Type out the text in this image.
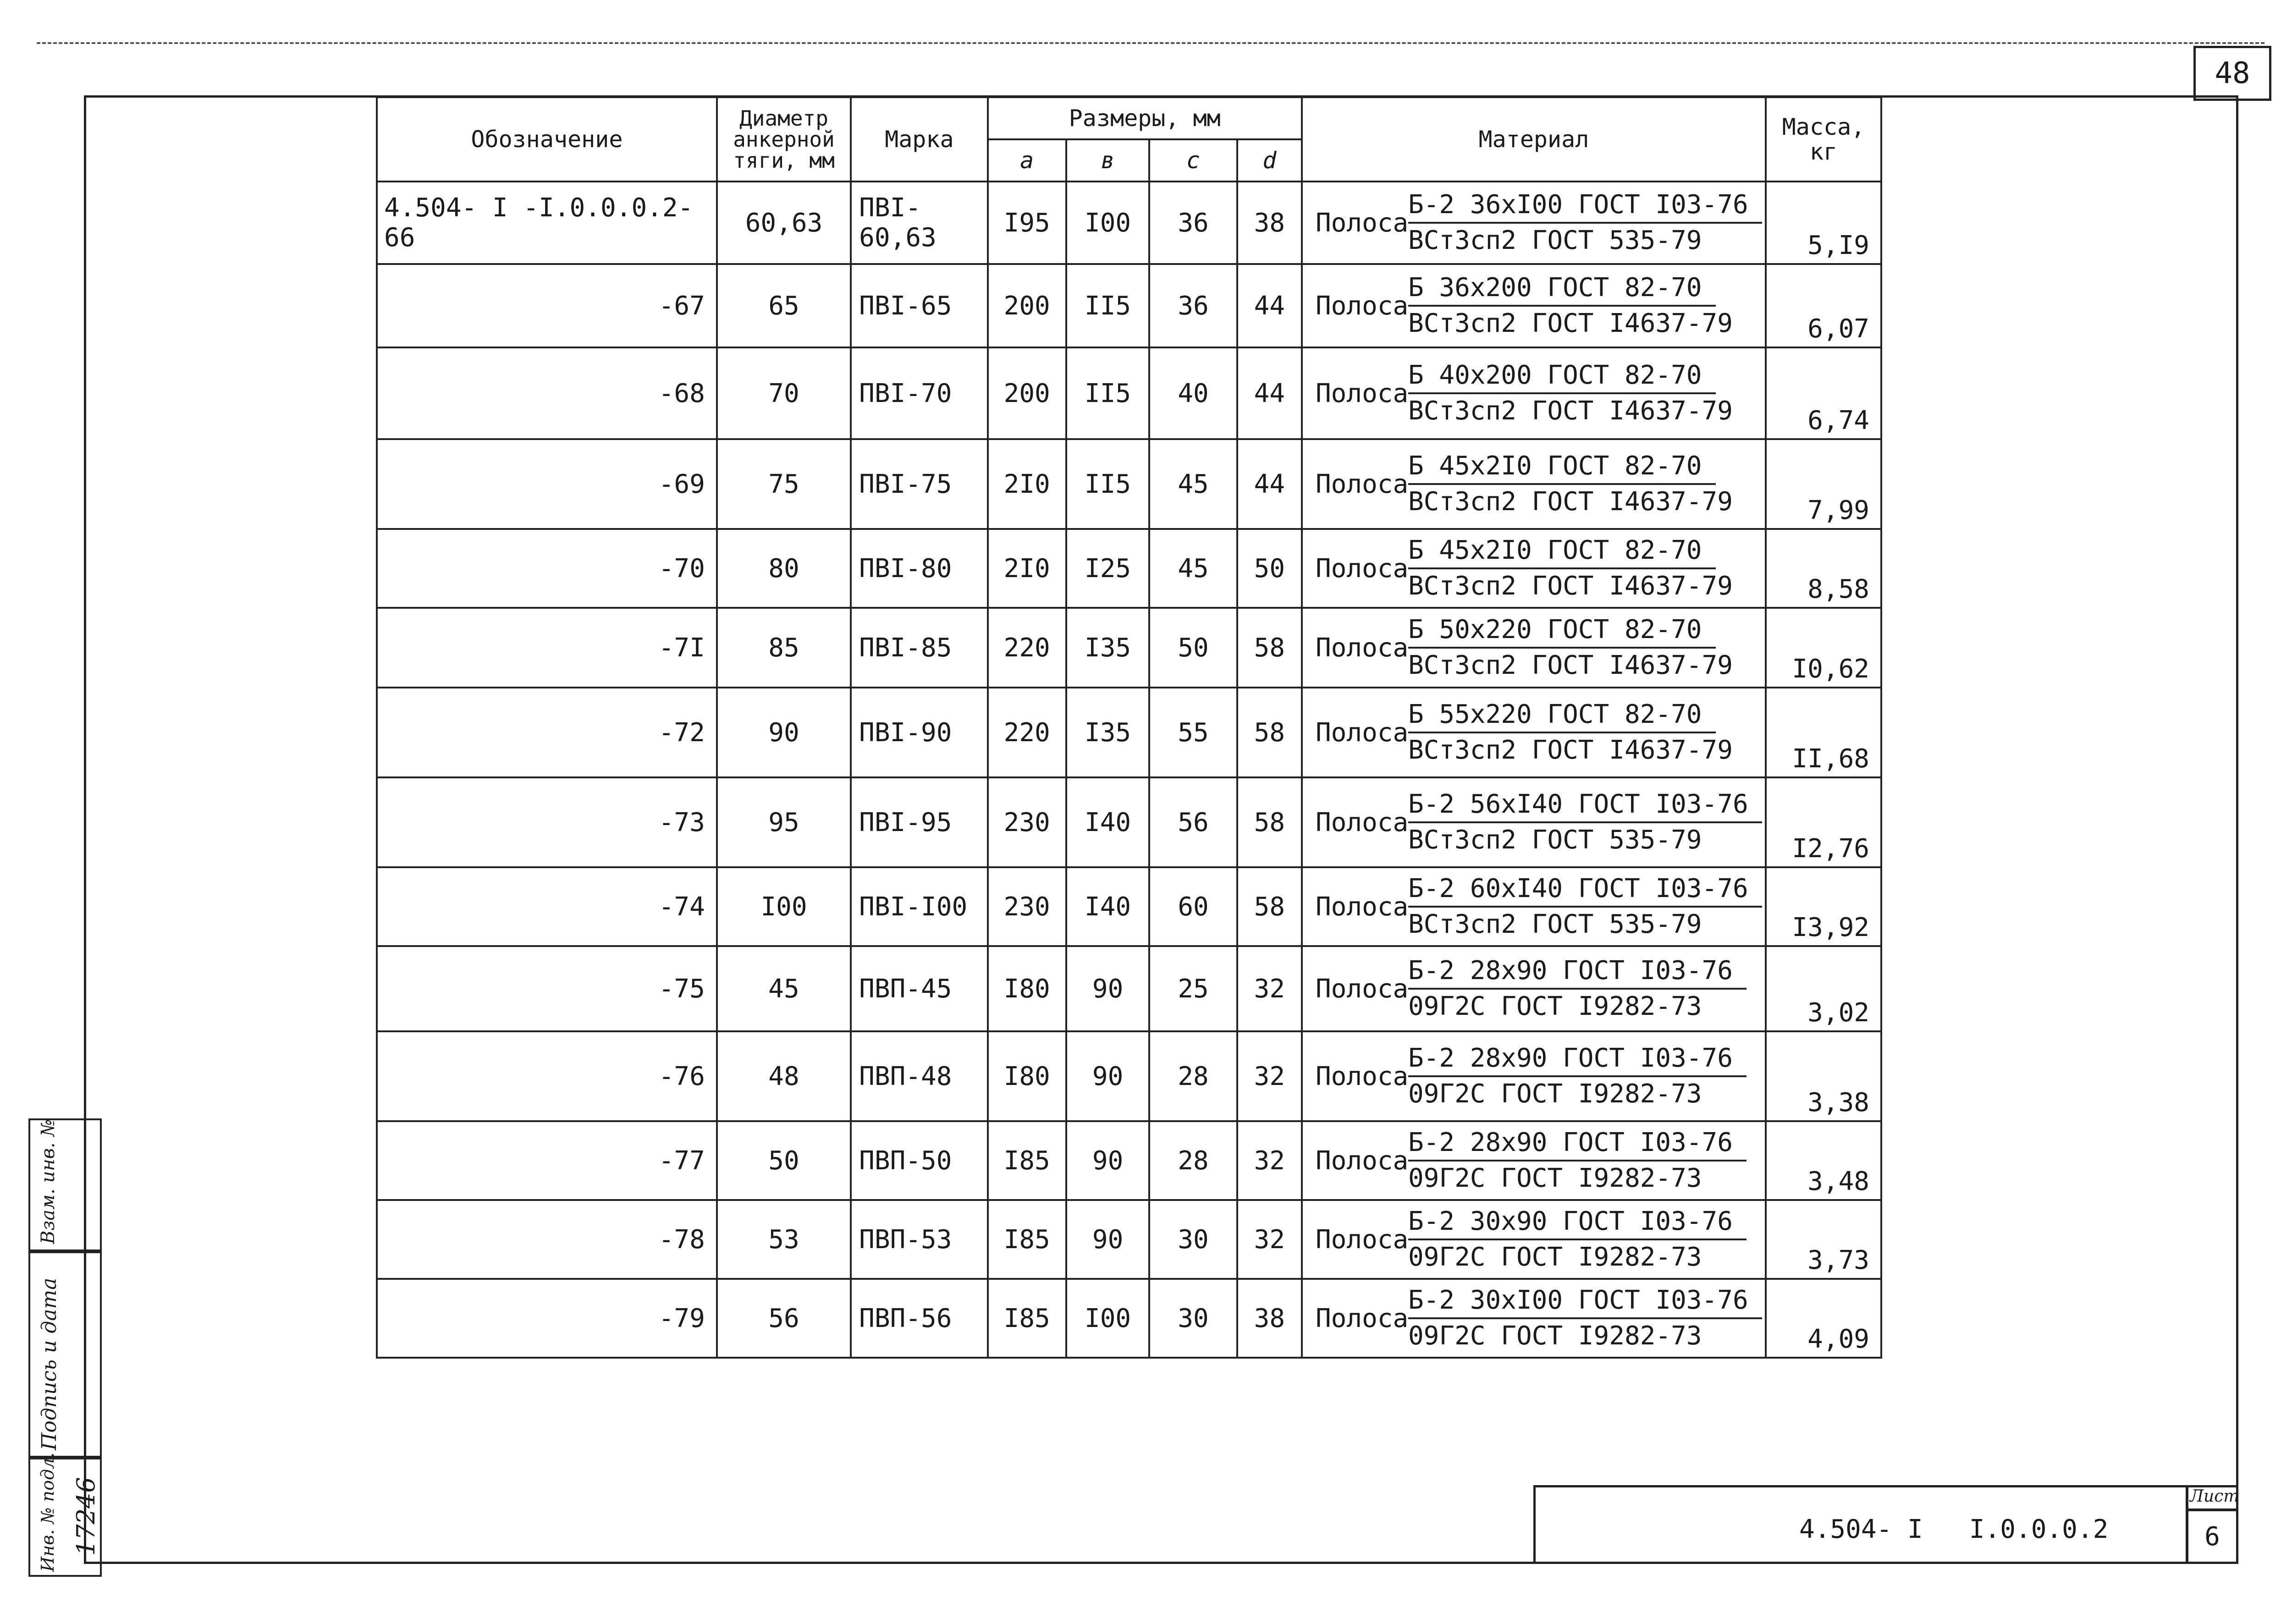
48
Обозначение	Диаметр анкерной тяги, мм	Марка	Размеры, мм				Материал	Масса, кг
			a	в	c	d		
4.504- I -I.0.0.0.2-66	60,63	ПВI-60,63	I95	I00	36	38	Полоса $\frac{\text{Б-2 36xI00 ГОСТ I03-76}}{\text{ВСт3сп2 ГОСТ 535-79}}$	5,I9
-67	65	ПВI-65	200	II5	36	44	Полоса $\frac{\text{Б 36x200 ГОСТ 82-70}}{\text{ВСт3сп2 ГОСТ I4637-79}}$	6,07
-68	70	ПВI-70	200	II5	40	44	Полоса $\frac{\text{Б 40x200 ГОСТ 82-70}}{\text{ВСт3сп2 ГОСТ I4637-79}}$	6,74
-69	75	ПВI-75	2I0	II5	45	44	Полоса $\frac{\text{Б 45x2I0 ГОСТ 82-70}}{\text{ВСт3сп2 ГОСТ I4637-79}}$	7,99
-70	80	ПВI-80	2I0	I25	45	50	Полоса $\frac{\text{Б 45x2I0 ГОСТ 82-70}}{\text{ВСт3сп2 ГОСТ I4637-79}}$	8,58
-7I	85	ПВI-85	220	I35	50	58	Полоса $\frac{\text{Б 50x220 ГОСТ 82-70}}{\text{ВСт3сп2 ГОСТ I4637-79}}$	I0,62
-72	90	ПВI-90	220	I35	55	58	Полоса $\frac{\text{Б 55x220 ГОСТ 82-70}}{\text{ВСт3сп2 ГОСТ I4637-79}}$	II,68
-73	95	ПВI-95	230	I40	56	58	Полоса $\frac{\text{Б-2 56xI40 ГОСТ I03-76}}{\text{ВСт3сп2 ГОСТ 535-79}}$	I2,76
-74	I00	ПВI-I00	230	I40	60	58	Полоса $\frac{\text{Б-2 60xI40 ГОСТ I03-76}}{\text{ВСт3сп2 ГОСТ 535-79}}$	I3,92
-75	45	ПВП-45	I80	90	25	32	Полоса $\frac{\text{Б-2 28x90 ГОСТ I03-76}}{\text{09Г2С ГОСТ I9282-73}}$	3,02
-76	48	ПВП-48	I80	90	28	32	Полоса $\frac{\text{Б-2 28x90 ГОСТ I03-76}}{\text{09Г2С ГОСТ I9282-73}}$	3,38
-77	50	ПВП-50	I85	90	28	32	Полоса $\frac{\text{Б-2 28x90 ГОСТ I03-76}}{\text{09Г2С ГОСТ I9282-73}}$	3,48
-78	53	ПВП-53	I85	90	30	32	Полоса $\frac{\text{Б-2 30x90 ГОСТ I03-76}}{\text{09Г2С ГОСТ I9282-73}}$	3,73
-79	56	ПВП-56	I85	I00	30	38	Полоса $\frac{\text{Б-2 30xI00 ГОСТ I03-76}}{\text{09Г2С ГОСТ I9282-73}}$	4,09
Взам. инв. №
Подпись и дата
Инв. № подл. 17246	4.504- I   I.0.0.0.2
Лист
6
